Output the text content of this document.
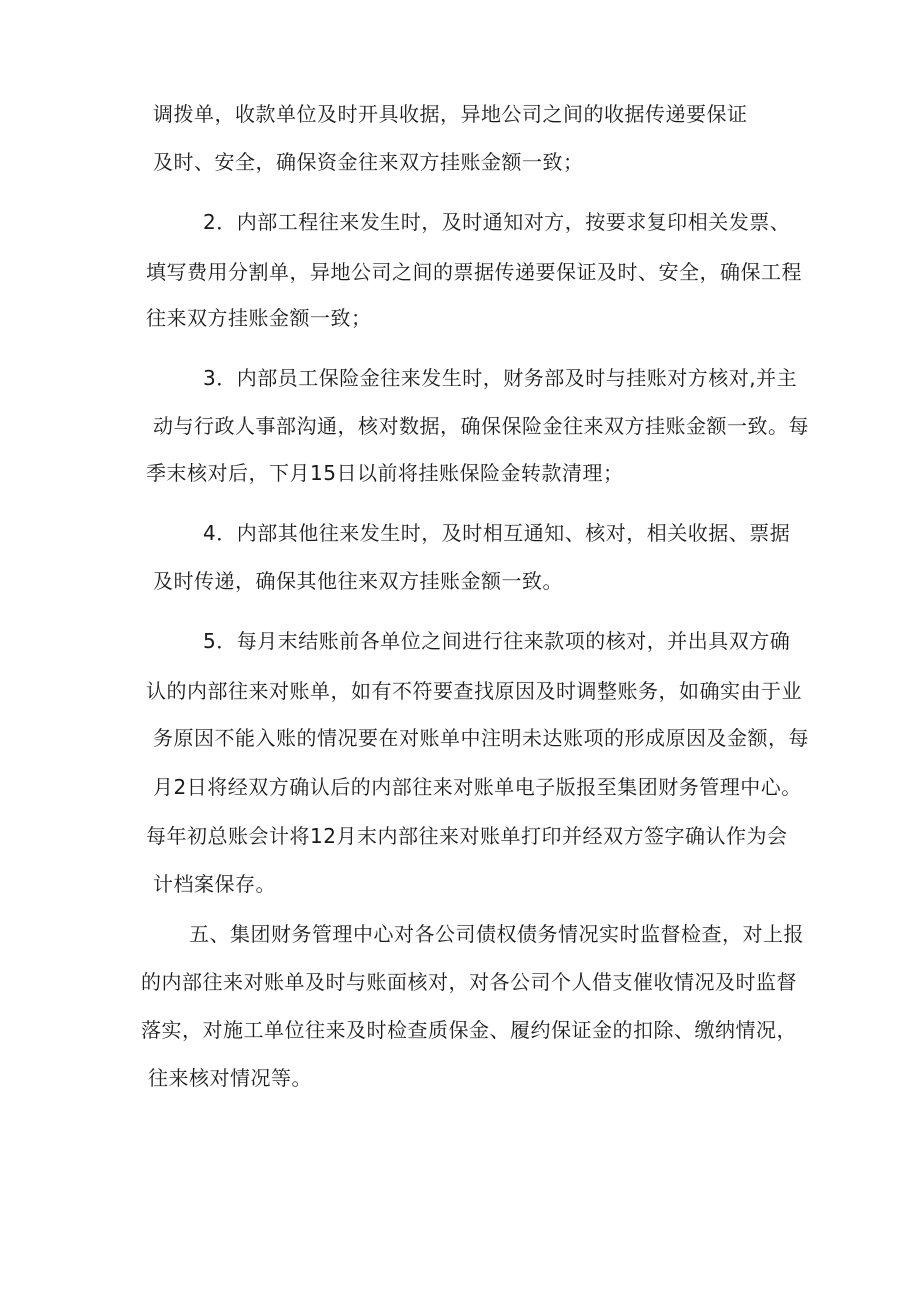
调拨单，收款单位及时开具收据，异地公司之间的收据传递要保证
及时、安全，确保资金往来双方挂账金额一致；
2．内部工程往来发生时，及时通知对方，按要求复印相关发票、
填写费用分割单，异地公司之间的票据传递要保证及时、安全，确保工程
往来双方挂账金额一致；
3．内部员工保险金往来发生时，财务部及时与挂账对方核对,并主
动与行政人事部沟通，核对数据，确保保险金往来双方挂账金额一致。每
季末核对后，下月15日以前将挂账保险金转款清理；
4．内部其他往来发生时，及时相互通知、核对，相关收据、票据
及时传递，确保其他往来双方挂账金额一致。
5．每月末结账前各单位之间进行往来款项的核对，并出具双方确
认的内部往来对账单，如有不符要查找原因及时调整账务，如确实由于业
务原因不能入账的情况要在对账单中注明未达账项的形成原因及金额，每
月2日将经双方确认后的内部往来对账单电子版报至集团财务管理中心。
每年初总账会计将12月末内部往来对账单打印并经双方签字确认作为会
计档案保存。
五、集团财务管理中心对各公司债权债务情况实时监督检查，对上报
的内部往来对账单及时与账面核对，对各公司个人借支催收情况及时监督
落实，对施工单位往来及时检查质保金、履约保证金的扣除、缴纳情况，
往来核对情况等。
